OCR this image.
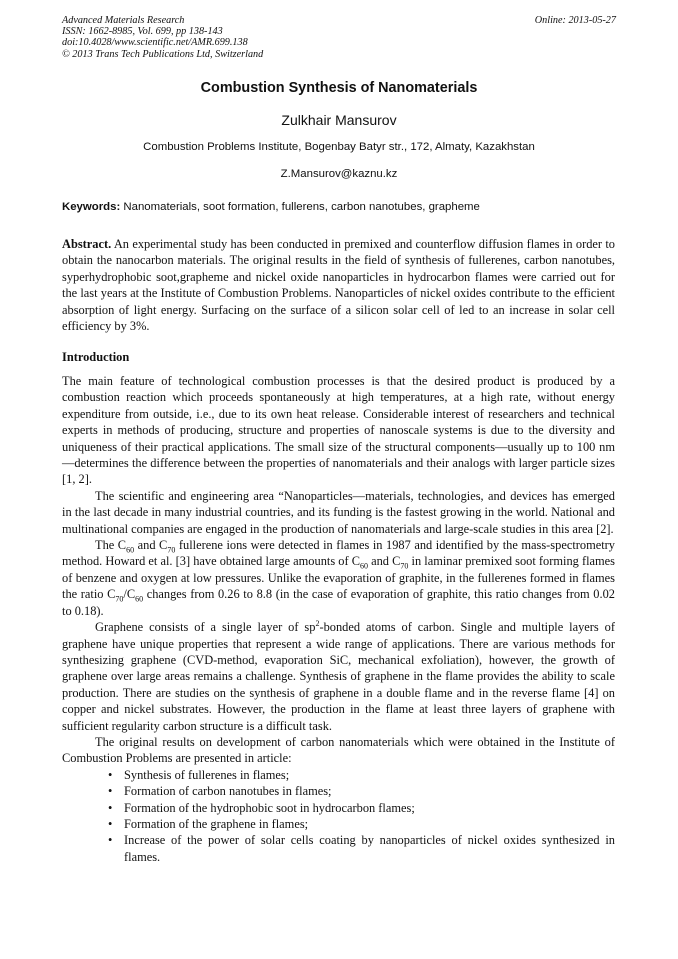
Advanced Materials Research
ISSN: 1662-8985, Vol. 699, pp 138-143
doi:10.4028/www.scientific.net/AMR.699.138
© 2013 Trans Tech Publications Ltd, Switzerland
Online: 2013-05-27
Combustion Synthesis of Nanomaterials
Zulkhair Mansurov
Combustion Problems Institute, Bogenbay Batyr str., 172, Almaty, Kazakhstan
Z.Mansurov@kaznu.kz
Keywords: Nanomaterials, soot formation, fullerens, carbon nanotubes, grapheme

Abstract. An experimental study has been conducted in premixed and counterflow diffusion flames in order to obtain the nanocarbon materials. The original results in the field of synthesis of fullerenes, carbon nanotubes, syperhydrophobic soot,grapheme and nickel oxide nanoparticles in hydrocarbon flames were carried out for the last years at the Institute of Combustion Problems. Nanoparticles of nickel oxides contribute to the efficient absorption of light energy. Surfacing on the surface of a silicon solar cell of led to an increase in solar cell efficiency by 3%.

Introduction

The main feature of technological combustion processes is that the desired product is produced by a combustion reaction which proceeds spontaneously at high temperatures, at a high rate, without energy expenditure from outside, i.e., due to its own heat release. Considerable interest of researchers and technical experts in methods of producing, structure and properties of nanoscale systems is due to the diversity and uniqueness of their practical applications. The small size of the structural components—usually up to 100 nm—determines the difference between the properties of nanomaterials and their analogs with larger particle sizes [1, 2].

The scientific and engineering area “Nanoparticles—materials, technologies, and devices has emerged in the last decade in many industrial countries, and its funding is the fastest growing in the world. National and multinational companies are engaged in the production of nanomaterials and large-scale studies in this area [2].

The $C_{60}$ and $C_{70}$ fullerene ions were detected in flames in 1987 and identified by the mass-spectrometry method. Howard et al. [3] have obtained large amounts of $C_{60}$ and $C_{70}$ in laminar premixed soot forming flames of benzene and oxygen at low pressures. Unlike the evaporation of graphite, in the fullerenes formed in flames the ratio $C_{70}/C_{60}$ changes from 0.26 to 8.8 (in the case of evaporation of graphite, this ratio changes from 0.02 to 0.18).

Graphene consists of a single layer of $sp^2$-bonded atoms of carbon. Single and multiple layers of graphene have unique properties that represent a wide range of applications. There are various methods for synthesizing graphene (CVD-method, evaporation SiC, mechanical exfoliation), however, the growth of graphene over large areas remains a challenge. Synthesis of graphene in the flame provides the ability to scale production. There are studies on the synthesis of graphene in a double flame and in the reverse flame [4] on copper and nickel substrates. However, the production in the flame at least three layers of graphene with sufficient regularity carbon structure is a difficult task.

The original results on development of carbon nanomaterials which were obtained in the Institute of Combustion Problems are presented in article:

• Synthesis of fullerenes in flames;
• Formation of carbon nanotubes in flames;
• Formation of the hydrophobic soot in hydrocarbon flames;
• Formation of the graphene in flames;
• Increase of the power of solar cells coating by nanoparticles of nickel oxides synthesized in flames.
